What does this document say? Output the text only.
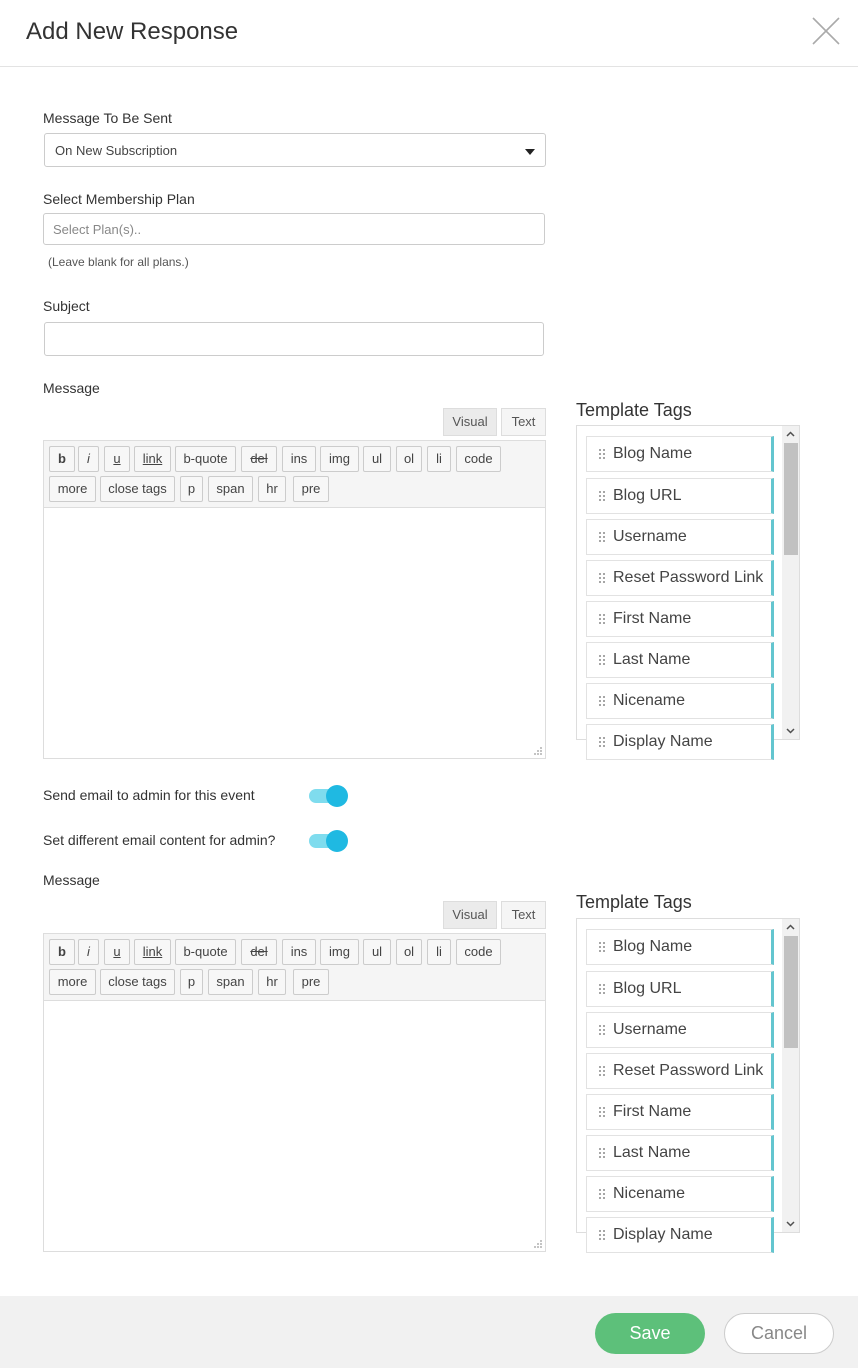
Add New Response
Message To Be Sent
On New Subscription
Select Membership Plan
Select Plan(s)..
(Leave blank for all plans.)
Subject
Message
Visual	Text
b	i	u	link	b-quote	del	ins	img	ul	ol	li	code
more	close tags	p	span	hr	pre
Template Tags
Blog Name
Blog URL
Username
Reset Password Link
First Name
Last Name
Nicename
Display Name
Send email to admin for this event
Set different email content for admin?
Message
Visual	Text
b	i	u	link	b-quote	del	ins	img	ul	ol	li	code
more	close tags	p	span	hr	pre
Template Tags
Blog Name
Blog URL
Username
Reset Password Link
First Name
Last Name
Nicename
Display Name
Save	Cancel
